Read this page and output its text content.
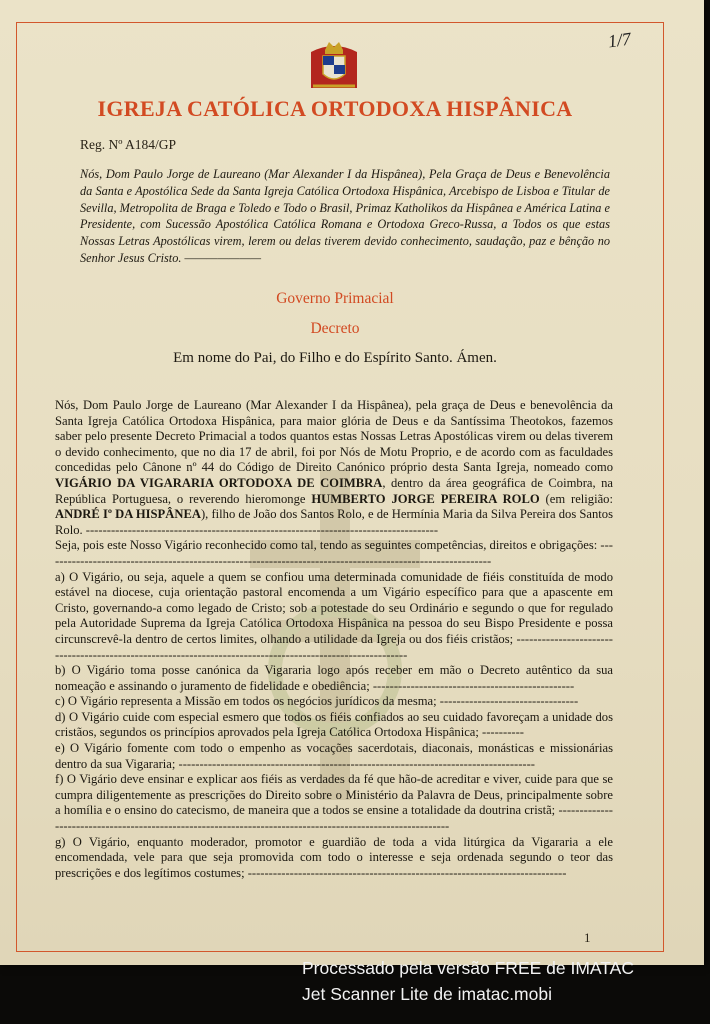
1/7
IGREJA CATÓLICA ORTODOXA HISPÂNICA
Reg. Nº A184/GP
Nós, Dom Paulo Jorge de Laureano (Mar Alexander I da Hispânea), Pela Graça de Deus e Benevolência da Santa e Apostólica Sede da Santa Igreja Católica Ortodoxa Hispânica, Arcebispo de Lisboa e Titular de Sevilla, Metropolita de Braga e Toledo e Todo o Brasil, Primaz Katholikos da Hispânea e América Latina e Presidente, com Sucessão Apostólica Católica Romana e Ortodoxa Greco-Russa, a Todos os que estas Nossas Letras Apostólicas virem, lerem ou delas tiverem devido conhecimento, saudação, paz e bênção no Senhor Jesus Cristo. ———————
Governo Primacial
Decreto
Em nome do Pai, do Filho e do Espírito Santo. Ámen.

Nós, Dom Paulo Jorge de Laureano (Mar Alexander I da Hispânea), pela graça de Deus e benevolência da Santa Igreja Católica Ortodoxa Hispânica, para maior glória de Deus e da Santíssima Theotokos, fazemos saber pelo presente Decreto Primacial a todos quantos estas Nossas Letras Apostólicas virem ou delas tiverem o devido conhecimento, que no dia 17 de abril, foi por Nós de Motu Proprio, e de acordo com as faculdades concedidas pelo Cânone nº 44 do Código de Direito Canónico próprio desta Santa Igreja, nomeado como VIGÁRIO DA VIGARARIA ORTODOXA DE COIMBRA, dentro da área geográfica de Coimbra, na República Portuguesa, o reverendo hieromonge HUMBERTO JORGE PEREIRA ROLO (em religião: ANDRÉ Iº DA HISPÂNEA), filho de João dos Santos Rolo, e de Hermínia Maria da Silva Pereira dos Santos Rolo. ------------------------------------------------------------------------------------

Seja, pois este Nosso Vigário reconhecido como tal, tendo as seguintes competências, direitos e obrigações: -----------------------------------------------------------------------------------------------------------

a) O Vigário, ou seja, aquele a quem se confiou uma determinada comunidade de fiéis constituída de modo estável na diocese, cuja orientação pastoral encomenda a um Vigário específico para que a apascente em Cristo, governando-a como legado de Cristo; sob a potestade do seu Ordinário e segundo o que for regulado pela Autoridade Suprema da Igreja Católica Ortodoxa Hispânica na pessoa do seu Bispo Presidente e possa circunscrevê-la dentro de certos limites, olhando a utilidade da Igreja ou dos fiéis cristãos; -----------------------------------------------------------------------------------------------------------

b) O Vigário toma posse canónica da Vigararia logo após receber em mão o Decreto autêntico da sua nomeação e assinando o juramento de fidelidade e obediência; ------------------------------------------------

c) O Vigário representa a Missão em todos os negócios jurídicos da mesma; ---------------------------------

d) O Vigário cuide com especial esmero que todos os fiéis confiados ao seu cuidado favoreçam a unidade dos cristãos, segundos os princípios aprovados pela Igreja Católica Ortodoxa Hispânica; ----------

e) O Vigário fomente com todo o empenho as vocações sacerdotais, diaconais, monásticas e missionárias dentro da sua Vigararia; -------------------------------------------------------------------------------------

f) O Vigário deve ensinar e explicar aos fiéis as verdades da fé que hão-de acreditar e viver, cuide para que se cumpra diligentemente as prescrições do Direito sobre o Ministério da Palavra de Deus, principalmente sobre a homília e o ensino do catecismo, de maneira que a todos se ensine a totalidade da doutrina cristã; -----------------------------------------------------------------------------------------------------------

g) O Vigário, enquanto moderador, promotor e guardião de toda a vida litúrgica da Vigararia a ele encomendada, vele para que seja promovida com todo o interesse e seja ordenada segundo o teor das prescrições e dos legítimos costumes; ----------------------------------------------------------------------------

1
Processado pela versão FREE de IMATAC
Jet Scanner Lite de imatac.mobi
